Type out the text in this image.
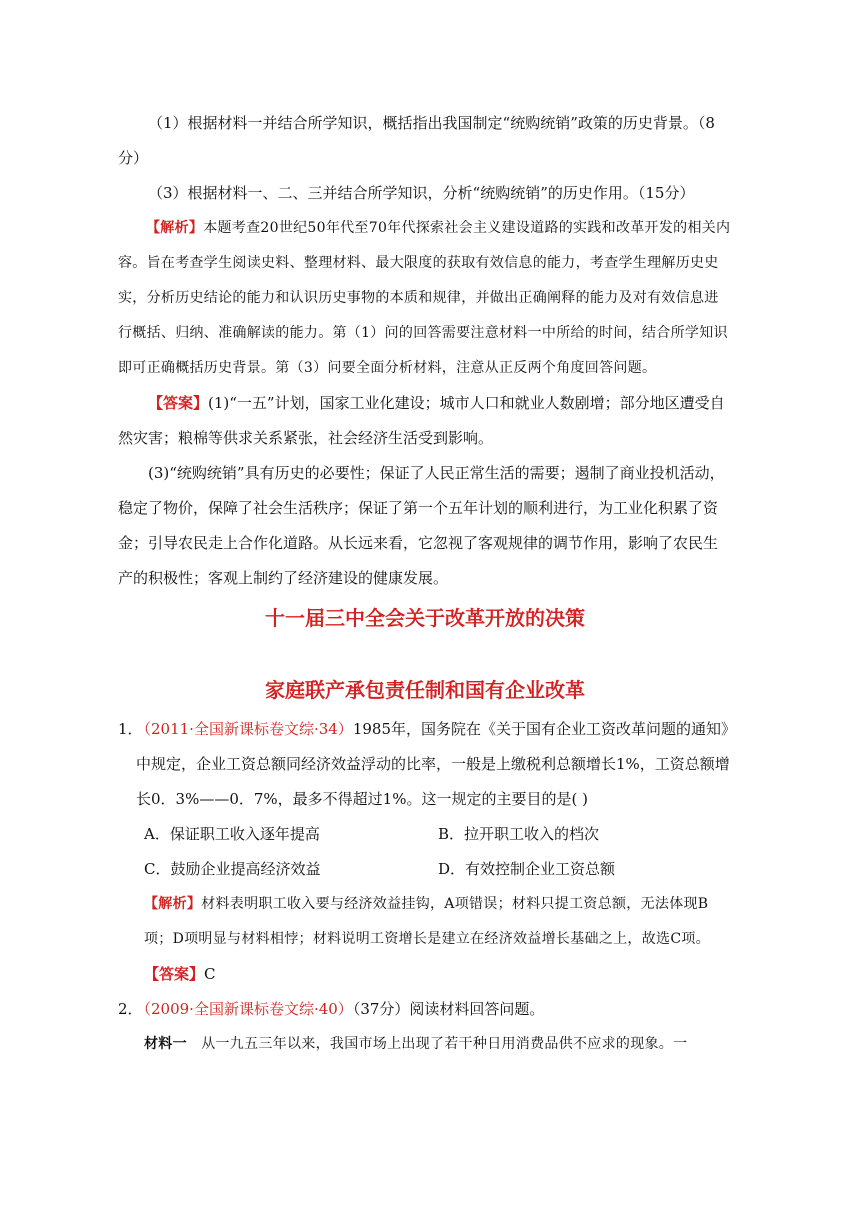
（1）根据材料一并结合所学知识，概括指出我国制定“统购统销”政策的历史背景。（8分）

（3）根据材料一、二、三并结合所学知识，分析“统购统销”的历史作用。（15分）

【解析】本题考查20世纪50年代至70年代探索社会主义建设道路的实践和改革开发的相关内容。旨在考查学生阅读史料、整理材料、最大限度的获取有效信息的能力，考查学生理解历史史实，分析历史结论的能力和认识历史事物的本质和规律，并做出正确阐释的能力及对有效信息进行概括、归纳、准确解读的能力。第（1）问的回答需要注意材料一中所给的时间，结合所学知识即可正确概括历史背景。第（3）问要全面分析材料，注意从正反两个角度回答问题。

【答案】(1)“一五”计划，国家工业化建设；城市人口和就业人数剧增；部分地区遭受自然灾害；粮棉等供求关系紧张，社会经济生活受到影响。

(3)“统购统销”具有历史的必要性；保证了人民正常生活的需要；遏制了商业投机活动，稳定了物价，保障了社会生活秩序；保证了第一个五年计划的顺利进行，为工业化积累了资金；引导农民走上合作化道路。从长远来看，它忽视了客观规律的调节作用，影响了农民生产的积极性；客观上制约了经济建设的健康发展。

十一届三中全会关于改革开放的决策
家庭联产承包责任制和国有企业改革

1．（2011·全国新课标卷文综·34）1985年，国务院在《关于国有企业工资改革问题的通知》中规定，企业工资总额同经济效益浮动的比率，一般是上缴税利总额增长1%，工资总额增长0．3%——0．7%，最多不得超过1%。这一规定的主要目的是( )

A．保证职工收入逐年提高	B．拉开职工收入的档次
C．鼓励企业提高经济效益	D．有效控制企业工资总额

【解析】材料表明职工收入要与经济效益挂钩，A项错误；材料只提工资总额，无法体现B项；D项明显与材料相悖；材料说明工资增长是建立在经济效益增长基础之上，故选C项。

【答案】C

2．（2009·全国新课标卷文综·40）（37分）阅读材料回答问题。

材料一　从一九五三年以来，我国市场上出现了若干种日用消费品供不应求的现象。一
